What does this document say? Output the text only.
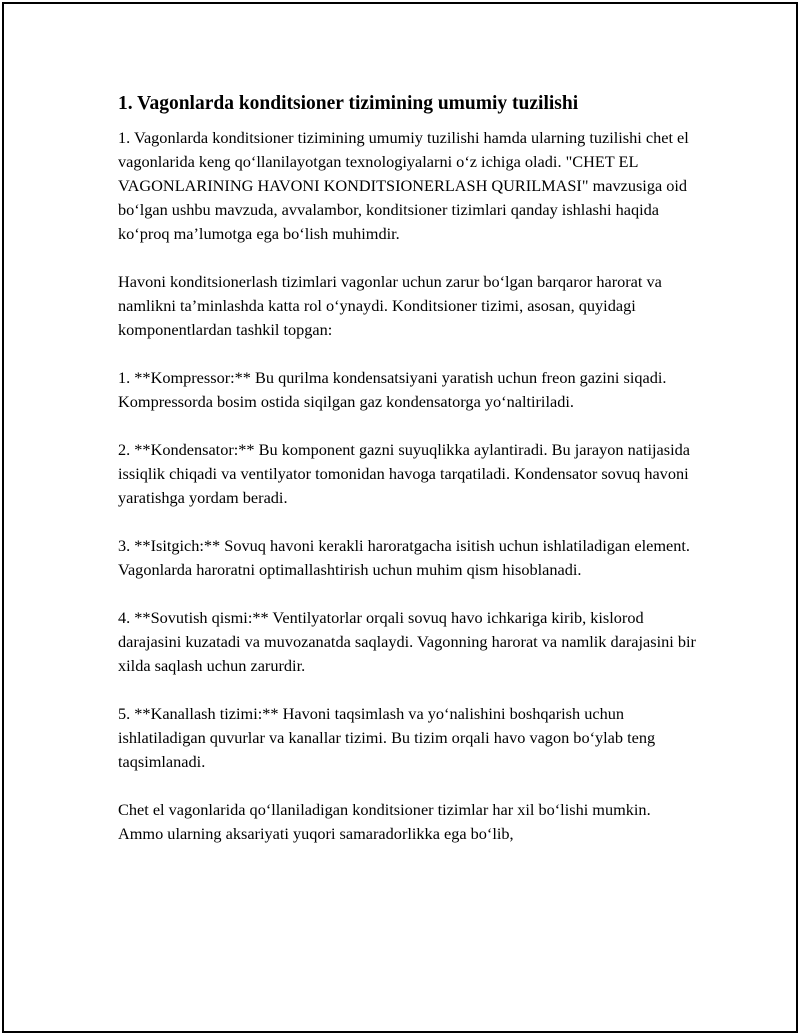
1. Vagonlarda konditsioner tizimining umumiy tuzilishi

1. Vagonlarda konditsioner tizimining umumiy tuzilishi hamda ularning tuzilishi chet el vagonlarida keng qo‘llanilayotgan texnologiyalarni o‘z ichiga oladi. "CHET EL VAGONLARINING HAVONI KONDITSIONERLASH QURILMASI" mavzusiga oid bo‘lgan ushbu mavzuda, avvalambor, konditsioner tizimlari qanday ishlashi haqida ko‘proq ma’lumotga ega bo‘lish muhimdir.

Havoni konditsionerlash tizimlari vagonlar uchun zarur bo‘lgan barqaror harorat va namlikni ta’minlashda katta rol o‘ynaydi. Konditsioner tizimi, asosan, quyidagi komponentlardan tashkil topgan:

1. **Kompressor:** Bu qurilma kondensatsiyani yaratish uchun freon gazini siqadi. Kompressorda bosim ostida siqilgan gaz kondensatorga yo‘naltiriladi.

2. **Kondensator:** Bu komponent gazni suyuqlikka aylantiradi. Bu jarayon natijasida issiqlik chiqadi va ventilyator tomonidan havoga tarqatiladi. Kondensator sovuq havoni yaratishga yordam beradi.

3. **Isitgich:** Sovuq havoni kerakli haroratgacha isitish uchun ishlatiladigan element. Vagonlarda haroratni optimallashtirish uchun muhim qism hisoblanadi.

4. **Sovutish qismi:** Ventilyatorlar orqali sovuq havo ichkariga kirib, kislorod darajasini kuzatadi va muvozanatda saqlaydi. Vagonning harorat va namlik darajasini bir xilda saqlash uchun zarurdir.

5. **Kanallash tizimi:** Havoni taqsimlash va yo‘nalishini boshqarish uchun ishlatiladigan quvurlar va kanallar tizimi. Bu tizim orqali havo vagon bo‘ylab teng taqsimlanadi.

Chet el vagonlarida qo‘llaniladigan konditsioner tizimlar har xil bo‘lishi mumkin. Ammo ularning aksariyati yuqori samaradorlikka ega bo‘lib,
